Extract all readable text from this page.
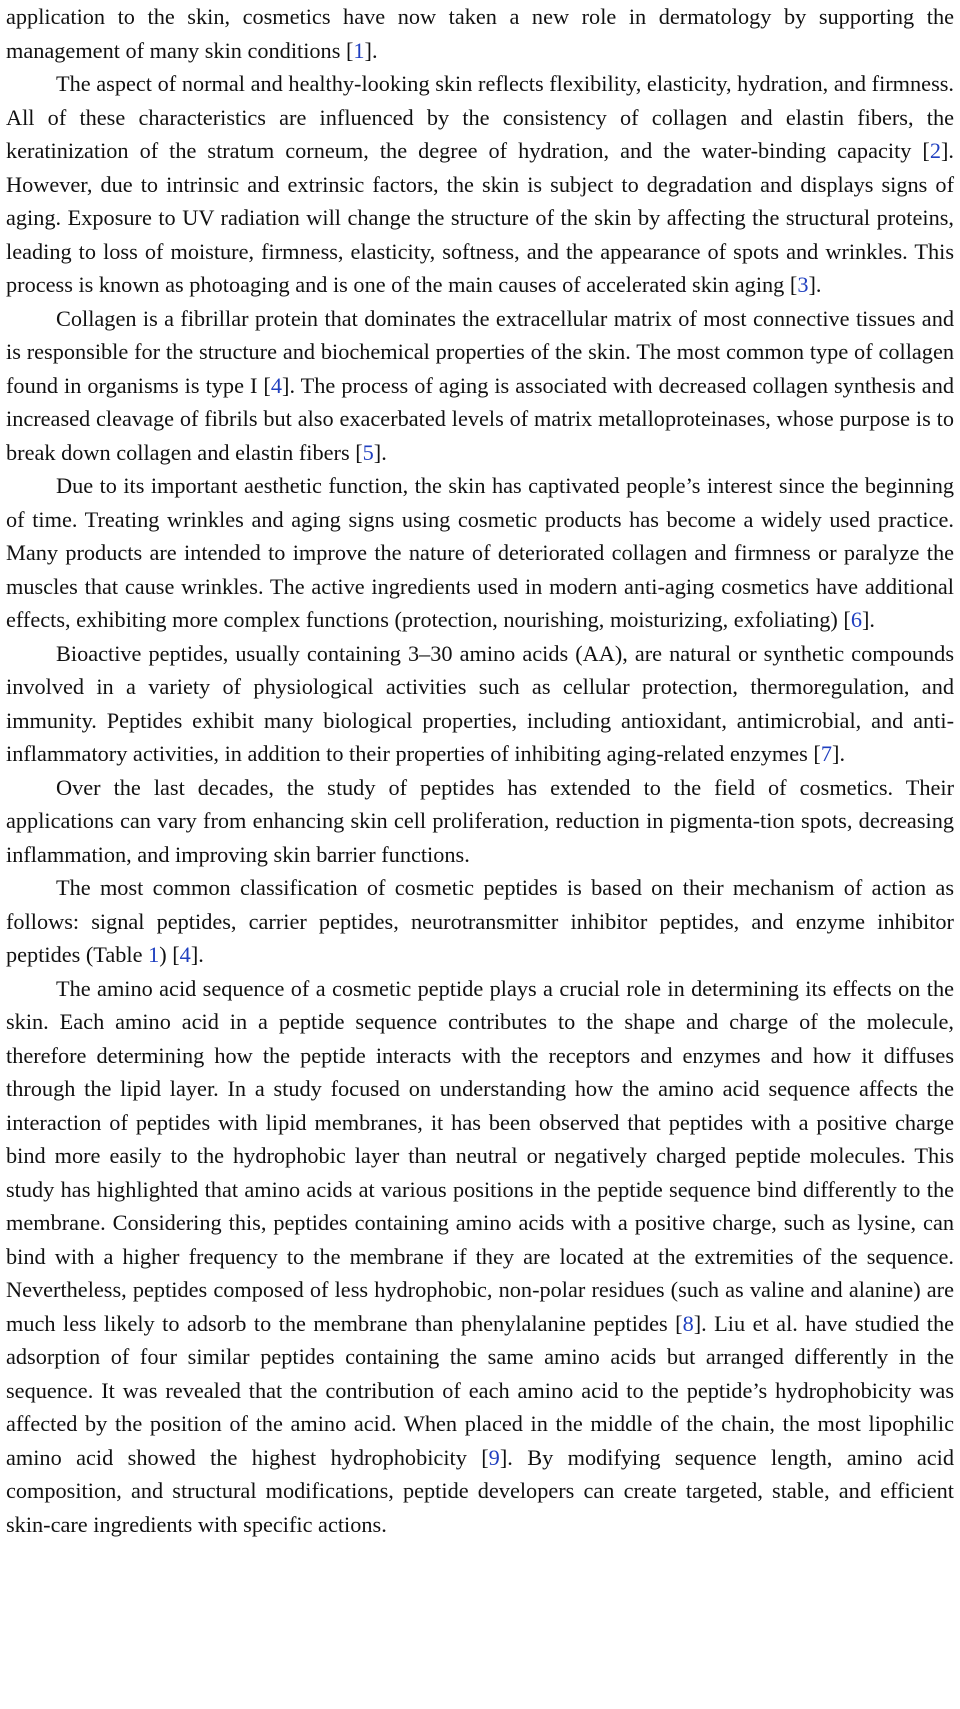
application to the skin, cosmetics have now taken a new role in dermatology by supporting the management of many skin conditions [1].

The aspect of normal and healthy-looking skin reflects flexibility, elasticity, hydration, and firmness. All of these characteristics are influenced by the consistency of collagen and elastin fibers, the keratinization of the stratum corneum, the degree of hydration, and the water-binding capacity [2]. However, due to intrinsic and extrinsic factors, the skin is subject to degradation and displays signs of aging. Exposure to UV radiation will change the structure of the skin by affecting the structural proteins, leading to loss of moisture, firmness, elasticity, softness, and the appearance of spots and wrinkles. This process is known as photoaging and is one of the main causes of accelerated skin aging [3].

Collagen is a fibrillar protein that dominates the extracellular matrix of most connective tissues and is responsible for the structure and biochemical properties of the skin. The most common type of collagen found in organisms is type I [4]. The process of aging is associated with decreased collagen synthesis and increased cleavage of fibrils but also exacerbated levels of matrix metalloproteinases, whose purpose is to break down collagen and elastin fibers [5].

Due to its important aesthetic function, the skin has captivated people’s interest since the beginning of time. Treating wrinkles and aging signs using cosmetic products has become a widely used practice. Many products are intended to improve the nature of deteriorated collagen and firmness or paralyze the muscles that cause wrinkles. The active ingredients used in modern anti-aging cosmetics have additional effects, exhibiting more complex functions (protection, nourishing, moisturizing, exfoliating) [6].

Bioactive peptides, usually containing 3–30 amino acids (AA), are natural or synthetic compounds involved in a variety of physiological activities such as cellular protection, thermoregulation, and immunity. Peptides exhibit many biological properties, including antioxidant, antimicrobial, and anti-inflammatory activities, in addition to their properties of inhibiting aging-related enzymes [7].

Over the last decades, the study of peptides has extended to the field of cosmetics. Their applications can vary from enhancing skin cell proliferation, reduction in pigmenta-tion spots, decreasing inflammation, and improving skin barrier functions.

The most common classification of cosmetic peptides is based on their mechanism of action as follows: signal peptides, carrier peptides, neurotransmitter inhibitor peptides, and enzyme inhibitor peptides (Table 1) [4].

The amino acid sequence of a cosmetic peptide plays a crucial role in determining its effects on the skin. Each amino acid in a peptide sequence contributes to the shape and charge of the molecule, therefore determining how the peptide interacts with the receptors and enzymes and how it diffuses through the lipid layer. In a study focused on understanding how the amino acid sequence affects the interaction of peptides with lipid membranes, it has been observed that peptides with a positive charge bind more easily to the hydrophobic layer than neutral or negatively charged peptide molecules. This study has highlighted that amino acids at various positions in the peptide sequence bind differently to the membrane. Considering this, peptides containing amino acids with a positive charge, such as lysine, can bind with a higher frequency to the membrane if they are located at the extremities of the sequence. Nevertheless, peptides composed of less hydrophobic, non-polar residues (such as valine and alanine) are much less likely to adsorb to the membrane than phenylalanine peptides [8]. Liu et al. have studied the adsorption of four similar peptides containing the same amino acids but arranged differently in the sequence. It was revealed that the contribution of each amino acid to the peptide’s hydrophobicity was affected by the position of the amino acid. When placed in the middle of the chain, the most lipophilic amino acid showed the highest hydrophobicity [9]. By modifying sequence length, amino acid composition, and structural modifications, peptide developers can create targeted, stable, and efficient skin-care ingredients with specific actions.
